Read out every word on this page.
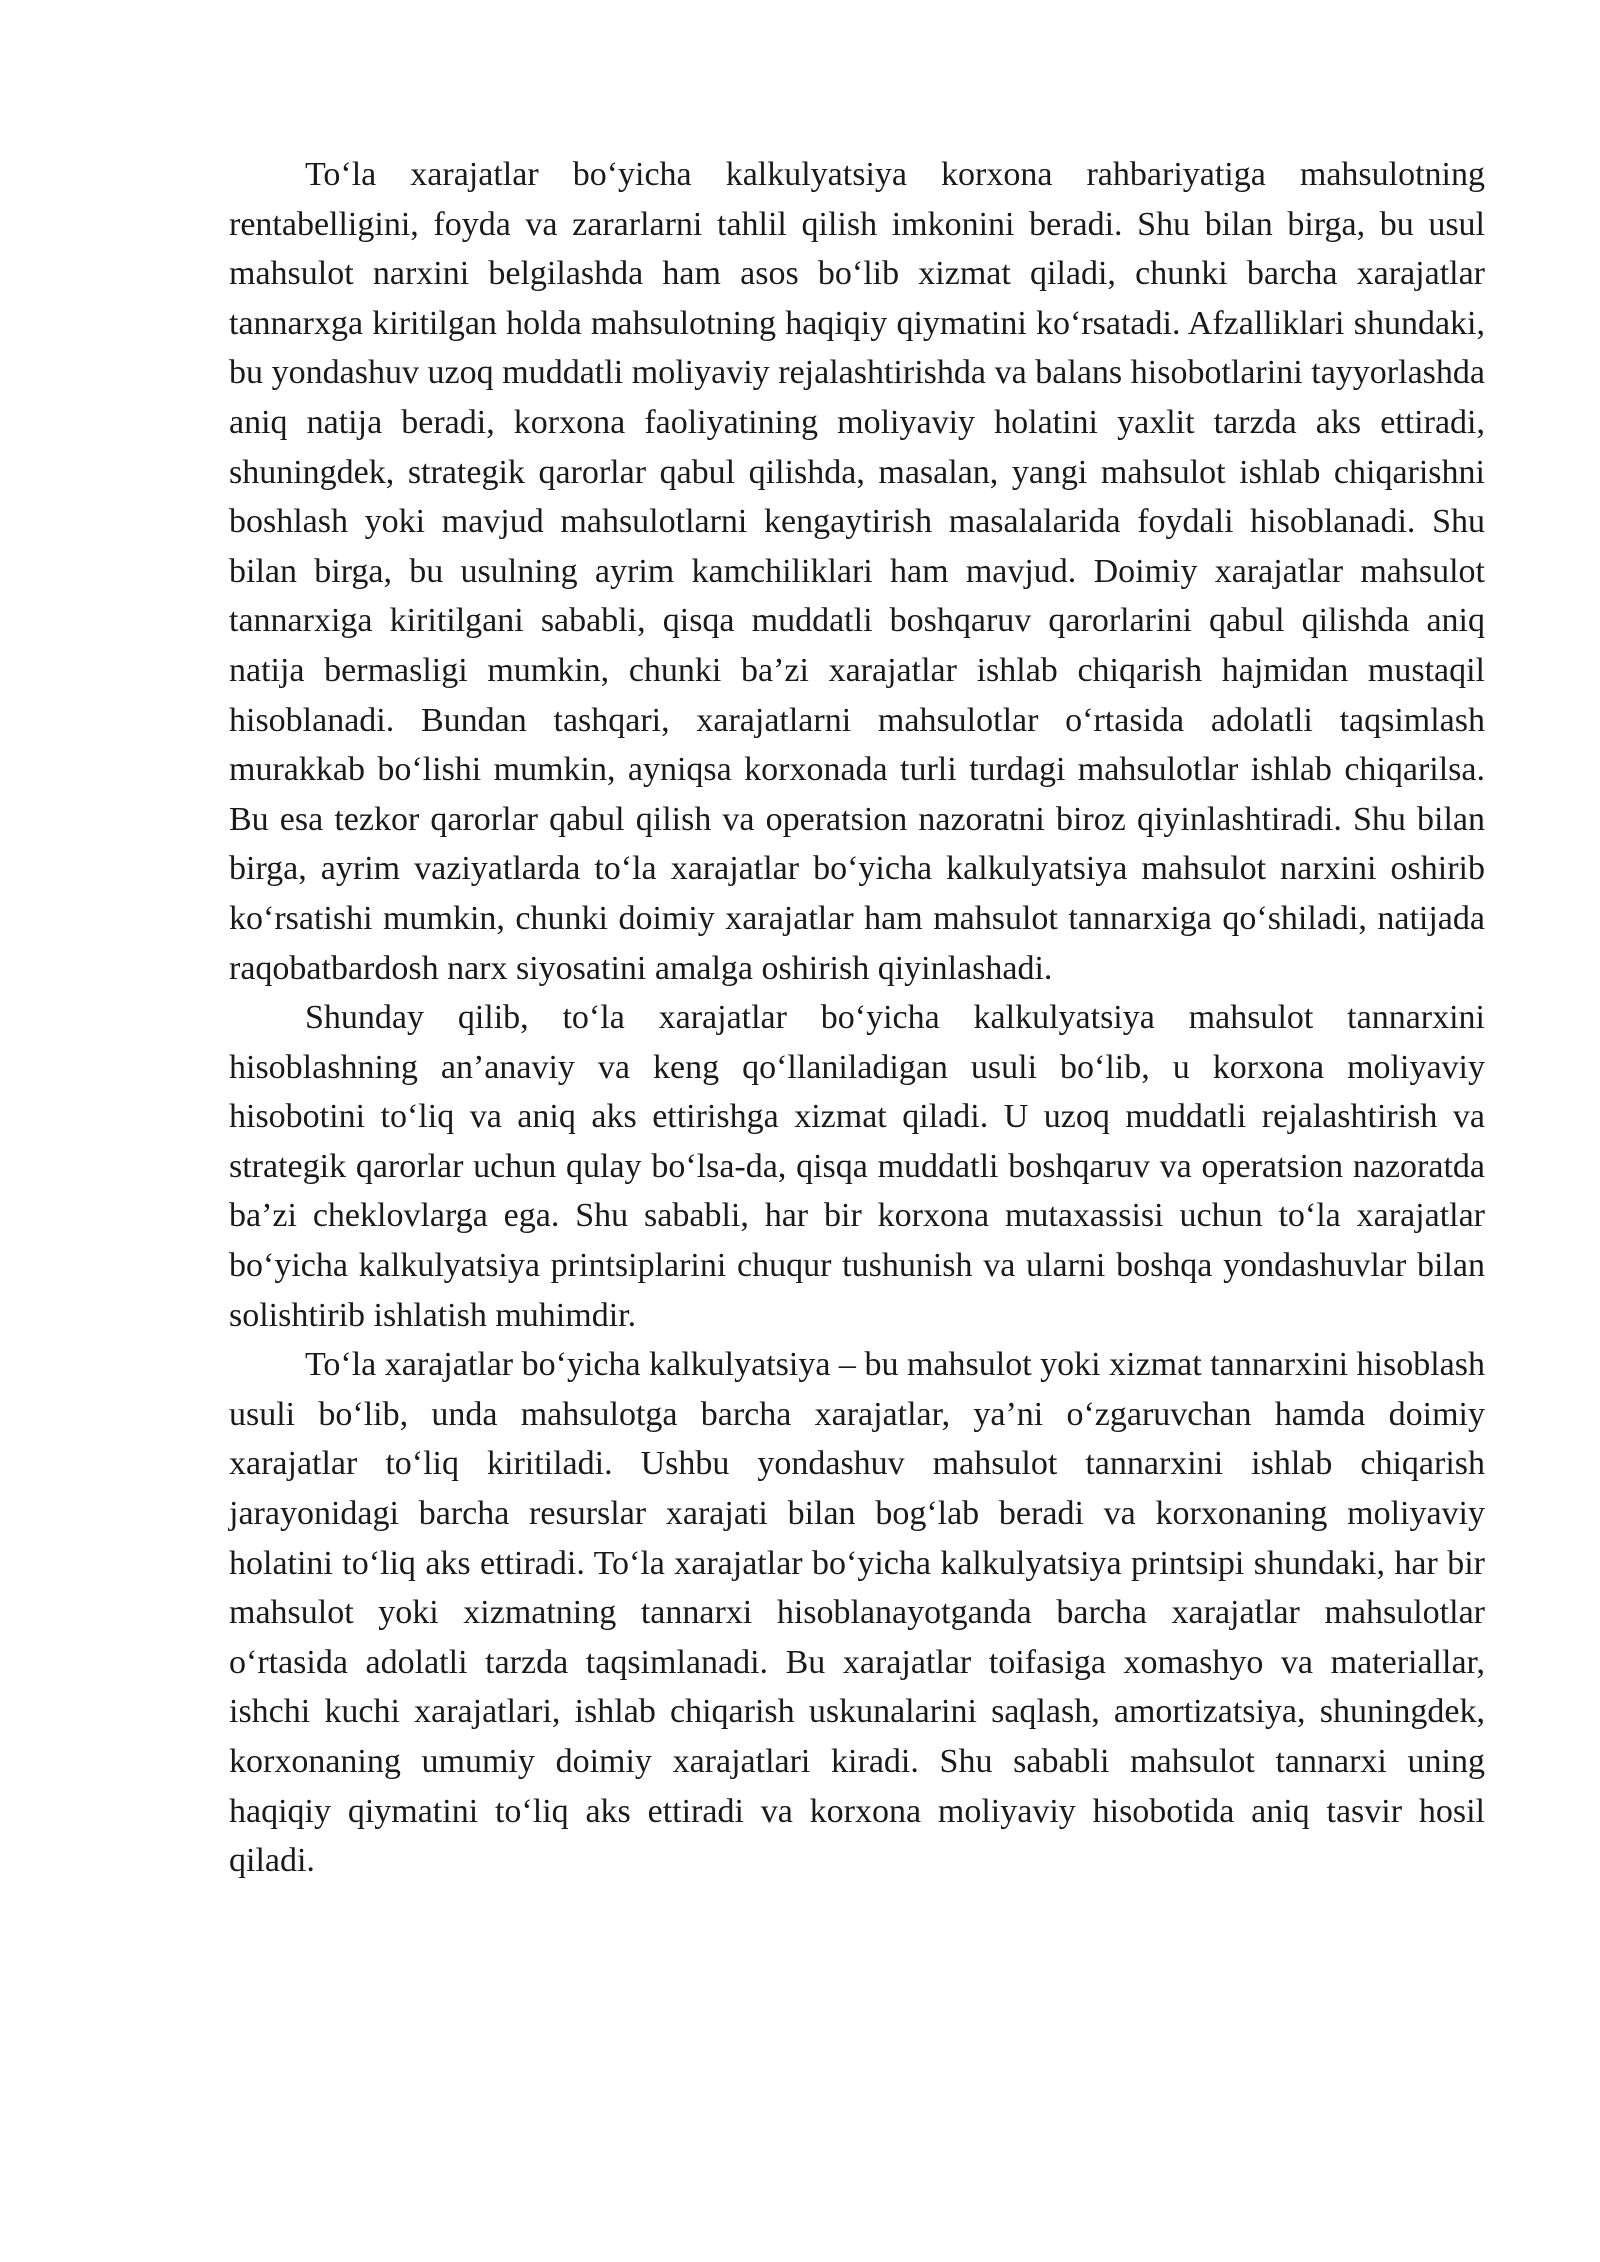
To‘la xarajatlar bo‘yicha kalkulyatsiya korxona rahbariyatiga mahsulotning rentabelligini, foyda va zararlarni tahlil qilish imkonini beradi. Shu bilan birga, bu usul mahsulot narxini belgilashda ham asos bo‘lib xizmat qiladi, chunki barcha xarajatlar tannarxga kiritilgan holda mahsulotning haqiqiy qiymatini ko‘rsatadi. Afzalliklari shundaki, bu yondashuv uzoq muddatli moliyaviy rejalashtirishda va balans hisobotlarini tayyorlashda aniq natija beradi, korxona faoliyatining moliyaviy holatini yaxlit tarzda aks ettiradi, shuningdek, strategik qarorlar qabul qilishda, masalan, yangi mahsulot ishlab chiqarishni boshlash yoki mavjud mahsulotlarni kengaytirish masalalarida foydali hisoblanadi. Shu bilan birga, bu usulning ayrim kamchiliklari ham mavjud. Doimiy xarajatlar mahsulot tannarxiga kiritilgani sababli, qisqa muddatli boshqaruv qarorlarini qabul qilishda aniq natija bermasligi mumkin, chunki ba’zi xarajatlar ishlab chiqarish hajmidan mustaqil hisoblanadi. Bundan tashqari, xarajatlarni mahsulotlar o‘rtasida adolatli taqsimlash murakkab bo‘lishi mumkin, ayniqsa korxonada turli turdagi mahsulotlar ishlab chiqarilsa. Bu esa tezkor qarorlar qabul qilish va operatsion nazoratni biroz qiyinlashtiradi. Shu bilan birga, ayrim vaziyatlarda to‘la xarajatlar bo‘yicha kalkulyatsiya mahsulot narxini oshirib ko‘rsatishi mumkin, chunki doimiy xarajatlar ham mahsulot tannarxiga qo‘shiladi, natijada raqobatbardosh narx siyosatini amalga oshirish qiyinlashadi.

Shunday qilib, to‘la xarajatlar bo‘yicha kalkulyatsiya mahsulot tannarxini hisoblashning an’anaviy va keng qo‘llaniladigan usuli bo‘lib, u korxona moliyaviy hisobotini to‘liq va aniq aks ettirishga xizmat qiladi. U uzoq muddatli rejalashtirish va strategik qarorlar uchun qulay bo‘lsa-da, qisqa muddatli boshqaruv va operatsion nazoratda ba’zi cheklovlarga ega. Shu sababli, har bir korxona mutaxassisi uchun to‘la xarajatlar bo‘yicha kalkulyatsiya printsiplarini chuqur tushunish va ularni boshqa yondashuvlar bilan solishtirib ishlatish muhimdir.

To‘la xarajatlar bo‘yicha kalkulyatsiya – bu mahsulot yoki xizmat tannarxini hisoblash usuli bo‘lib, unda mahsulotga barcha xarajatlar, ya’ni o‘zgaruvchan hamda doimiy xarajatlar to‘liq kiritiladi. Ushbu yondashuv mahsulot tannarxini ishlab chiqarish jarayonidagi barcha resurslar xarajati bilan bog‘lab beradi va korxonaning moliyaviy holatini to‘liq aks ettiradi. To‘la xarajatlar bo‘yicha kalkulyatsiya printsipi shundaki, har bir mahsulot yoki xizmatning tannarxi hisoblanayotganda barcha xarajatlar mahsulotlar o‘rtasida adolatli tarzda taqsimlanadi. Bu xarajatlar toifasiga xomashyo va materiallar, ishchi kuchi xarajatlari, ishlab chiqarish uskunalarini saqlash, amortizatsiya, shuningdek, korxonaning umumiy doimiy xarajatlari kiradi. Shu sababli mahsulot tannarxi uning haqiqiy qiymatini to‘liq aks ettiradi va korxona moliyaviy hisobotida aniq tasvir hosil qiladi.
